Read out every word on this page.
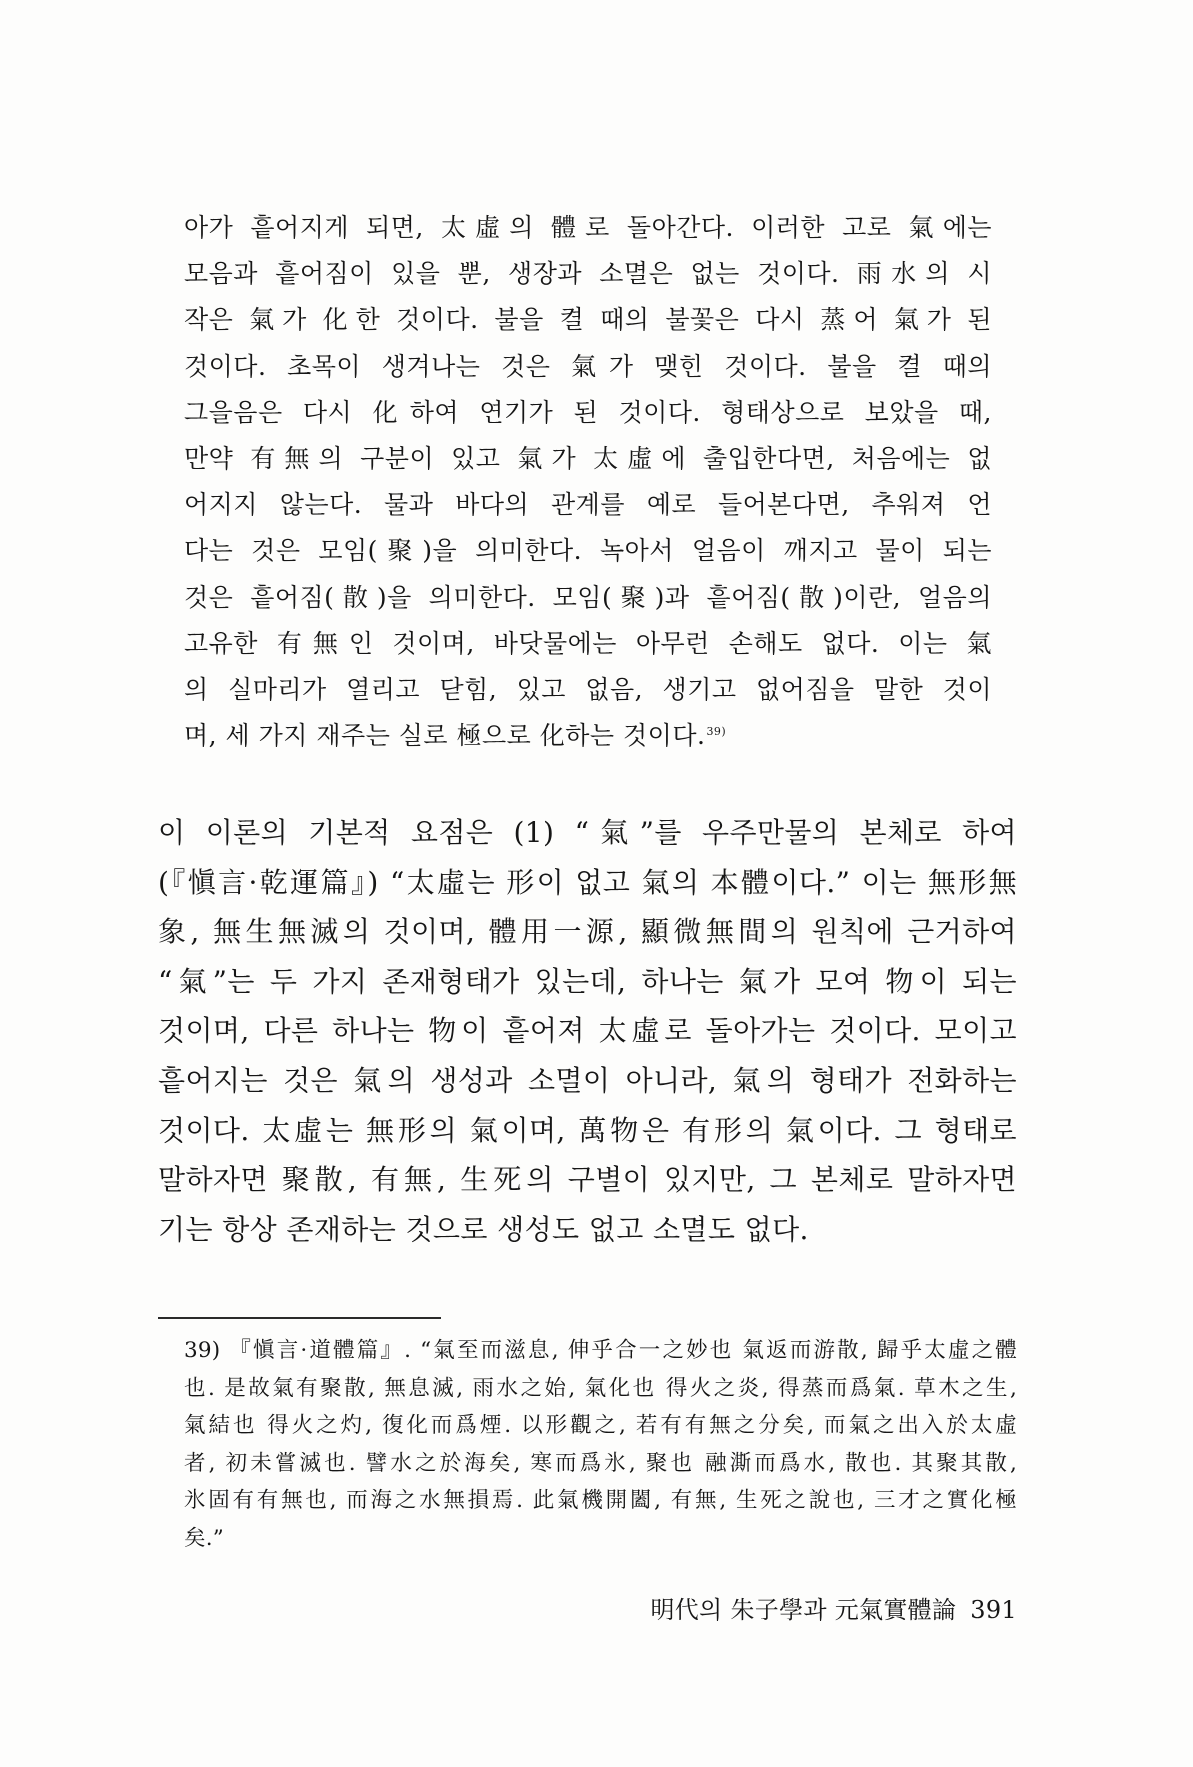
아가 흩어지게 되면, 太虛의 體로 돌아간다. 이러한 고로 氣에는
모음과 흩어짐이 있을 뿐, 생장과 소멸은 없는 것이다. 雨水의 시
작은 氣가 化한 것이다. 불을 켤 때의 불꽃은 다시 蒸어 氣가 된
것이다. 초목이 생겨나는 것은 氣가 맺힌 것이다. 불을 켤 때의
그을음은 다시 化하여 연기가 된 것이다. 형태상으로 보았을 때,
만약 有無의 구분이 있고 氣가 太虛에 출입한다면, 처음에는 없
어지지 않는다. 물과 바다의 관계를 예로 들어본다면, 추워져 언
다는 것은 모임(聚)을 의미한다. 녹아서 얼음이 깨지고 물이 되는
것은 흩어짐(散)을 의미한다. 모임(聚)과 흩어짐(散)이란, 얼음의
고유한 有無인 것이며, 바닷물에는 아무런 손해도 없다. 이는 氣
의 실마리가 열리고 닫힘, 있고 없음, 생기고 없어짐을 말한 것이
며, 세 가지 재주는 실로 極으로 化하는 것이다.$^{39)}$
이 이론의 기본적 요점은 (1) “氣”를 우주만물의 본체로 하여
(『愼言·乾運篇』) “太虛는 形이 없고 氣의 本體이다.” 이는 無形無
象, 無生無滅의 것이며, 體用一源, 顯微無間의 원칙에 근거하여
“氣”는 두 가지 존재형태가 있는데, 하나는 氣가 모여 物이 되는
것이며, 다른 하나는 物이 흩어져 太虛로 돌아가는 것이다. 모이고
흩어지는 것은 氣의 생성과 소멸이 아니라, 氣의 형태가 전화하는
것이다. 太虛는 無形의 氣이며, 萬物은 有形의 氣이다. 그 형태로
말하자면 聚散, 有無, 生死의 구별이 있지만, 그 본체로 말하자면
기는 항상 존재하는 것으로 생성도 없고 소멸도 없다.
39) 『愼言·道體篇』. “氣至而滋息, 伸乎合一之妙也 氣返而游散, 歸乎太虛之體
也. 是故氣有聚散, 無息滅, 雨水之始, 氣化也 得火之炎, 得蒸而爲氣. 草木之生,
氣結也 得火之灼, 復化而爲煙. 以形觀之, 若有有無之分矣, 而氣之出入於太虛
者, 初未嘗滅也. 譬水之於海矣, 寒而爲氷, 聚也 融澌而爲水, 散也. 其聚其散,
氷固有有無也, 而海之水無損焉. 此氣機開闔, 有無, 生死之說也, 三才之實化極
矣.”
明代의 朱子學과 元氣實體論 391
